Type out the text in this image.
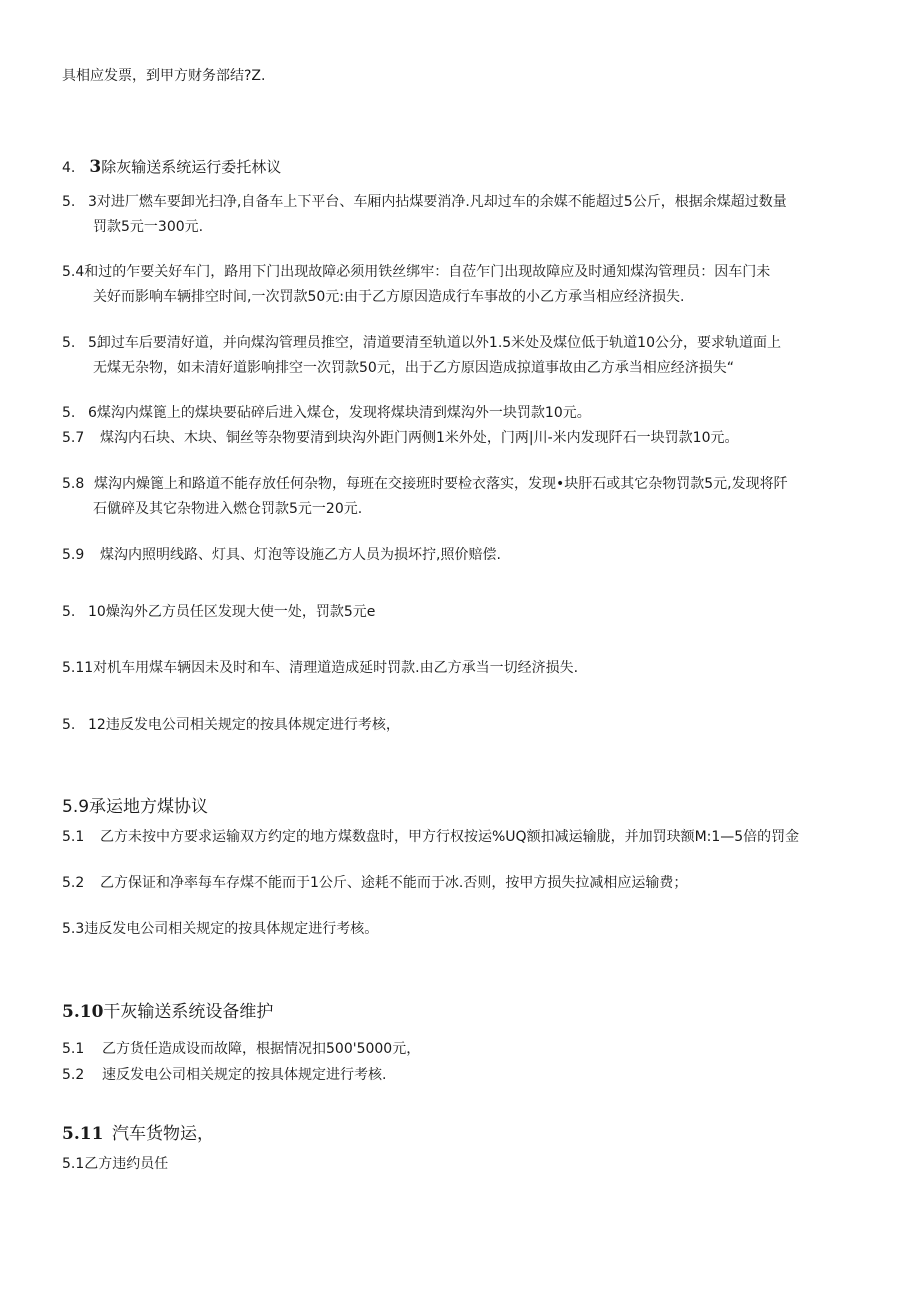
具相应发票，到甲方财务部结?Z.
4. 3除灰输送系统运行委托林议
5. 3对进厂燃车要卸光扫净,自备车上下平台、车厢内拈煤要消净.凡却过车的余媒不能超过5公斤，根据余煤超过数量
罚款5元一300元.
5.4和过的乍要关好车门，路用下门出现故障必须用铁丝绑牢：自莅乍门出现故障应及时通知煤沟管理员：因车门未
关好而影响车辆排空时间,一次罚款50元:由于乙方原因造成行车事故的小乙方承当相应经济损失.
5. 5卸过车后要清好道，并向煤沟管理员推空，清道要清至轨道以外1.5米处及煤位低于轨道10公分，要求轨道面上
无煤无杂物，如未清好道影响排空一次罚款50元，出于乙方原因造成掠道事故由乙方承当相应经济损失“
5. 6煤沟内煤篦上的煤块要砧碎后进入煤仓，发现将煤块清到煤沟外一块罚款10元。
5.7 煤沟内石块、木块、铜丝等杂物要清到块沟外距门两侧1米外处，门两|川-米内发现阡石一块罚款10元。
5.8 煤沟内燥篦上和路道不能存放任何杂物，每班在交接班时要检衣落实，发现•块肝石或其它杂物罚款5元,发现将阡
石僦碎及其它杂物进入燃仓罚款5元一20元.
5.9 煤沟内照明线路、灯具、灯泡等设施乙方人员为损坏拧,照价赔偿.
5. 10燥沟外乙方员任区发现大使一处，罚款5元e
5.11对机车用煤车辆因未及时和车、清理道造成延时罚款.由乙方承当一切经济损失.
5. 12违反发电公司相关规定的按具体规定进行考核，
5.9承运地方煤协议
5.1 乙方未按中方要求运输双方约定的地方煤数盘时，甲方行权按运%UQ额扣减运输胧，并加罚玦额M:1—5倍的罚金
5.2 乙方保证和净率每车存煤不能而于1公斤、途耗不能而于冰.否则，按甲方损失拉减相应运输费；
5.3违反发电公司相关规定的按具体规定进行考核。
5.10干灰输送系统设备维护
5.1 乙方货任造成设而故障，根据情况扣500'5000元，
5.2 速反发电公司相关规定的按具体规定进行考核.
5.11 汽车货物运，
5.1乙方违约员任
